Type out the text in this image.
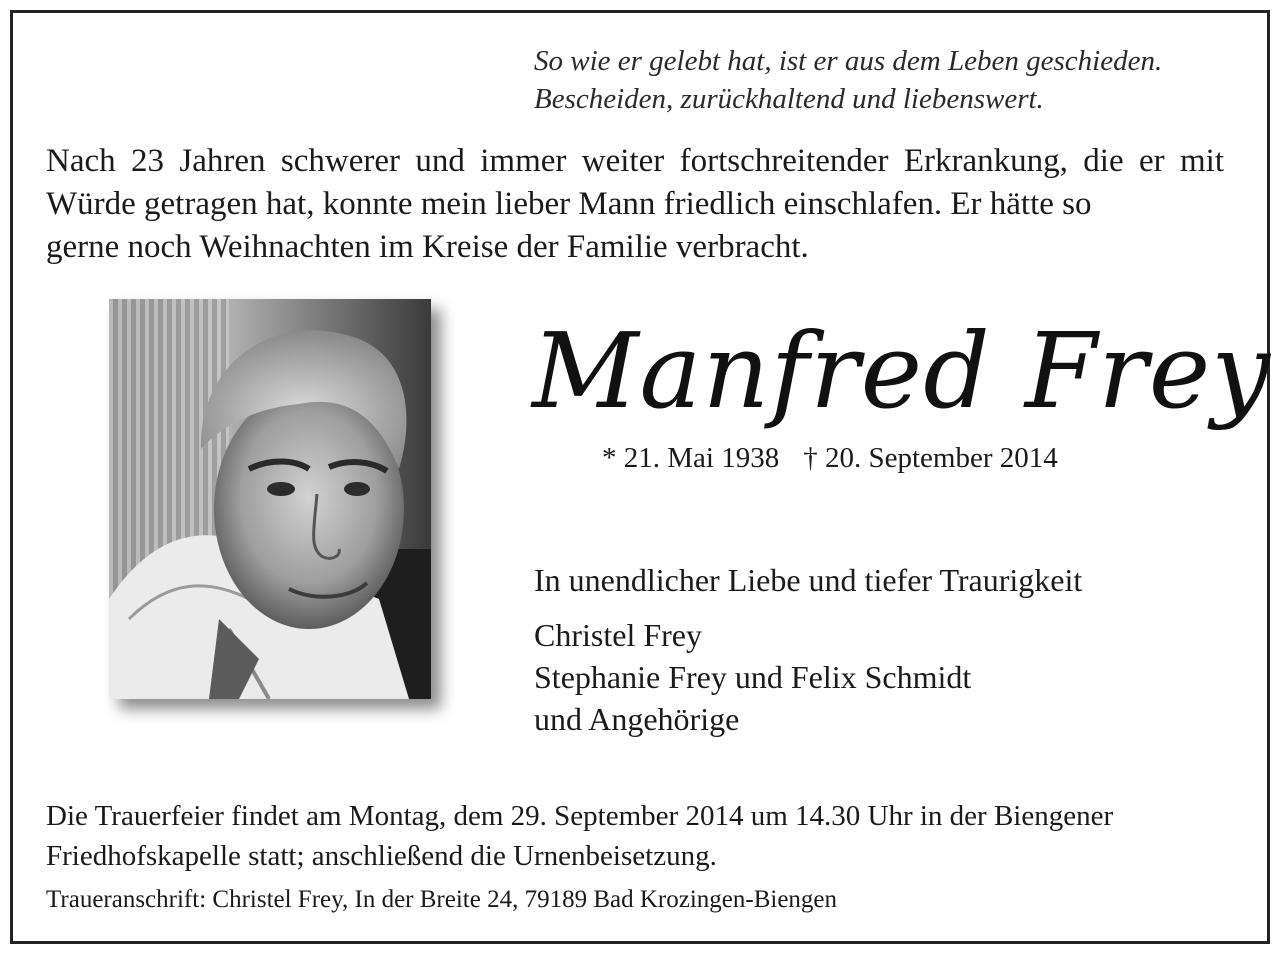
So wie er gelebt hat, ist er aus dem Leben geschieden.
Bescheiden, zurückhaltend und liebenswert.
Nach 23 Jahren schwerer und immer weiter fortschreitender Erkrankung, die er mit Würde getragen hat, konnte mein lieber Mann friedlich einschlafen. Er hätte so
gerne noch Weihnachten im Kreise der Familie verbracht.
Manfred Frey
* 21. Mai 1938 † 20. September 2014
In unendlicher Liebe und tiefer Traurigkeit
Christel Frey
Stephanie Frey und Felix Schmidt
und Angehörige
Die Trauerfeier findet am Montag, dem 29. September 2014 um 14.30 Uhr in der Biengener
Friedhofskapelle statt; anschließend die Urnenbeisetzung.
Traueranschrift: Christel Frey, In der Breite 24, 79189 Bad Krozingen-Biengen
